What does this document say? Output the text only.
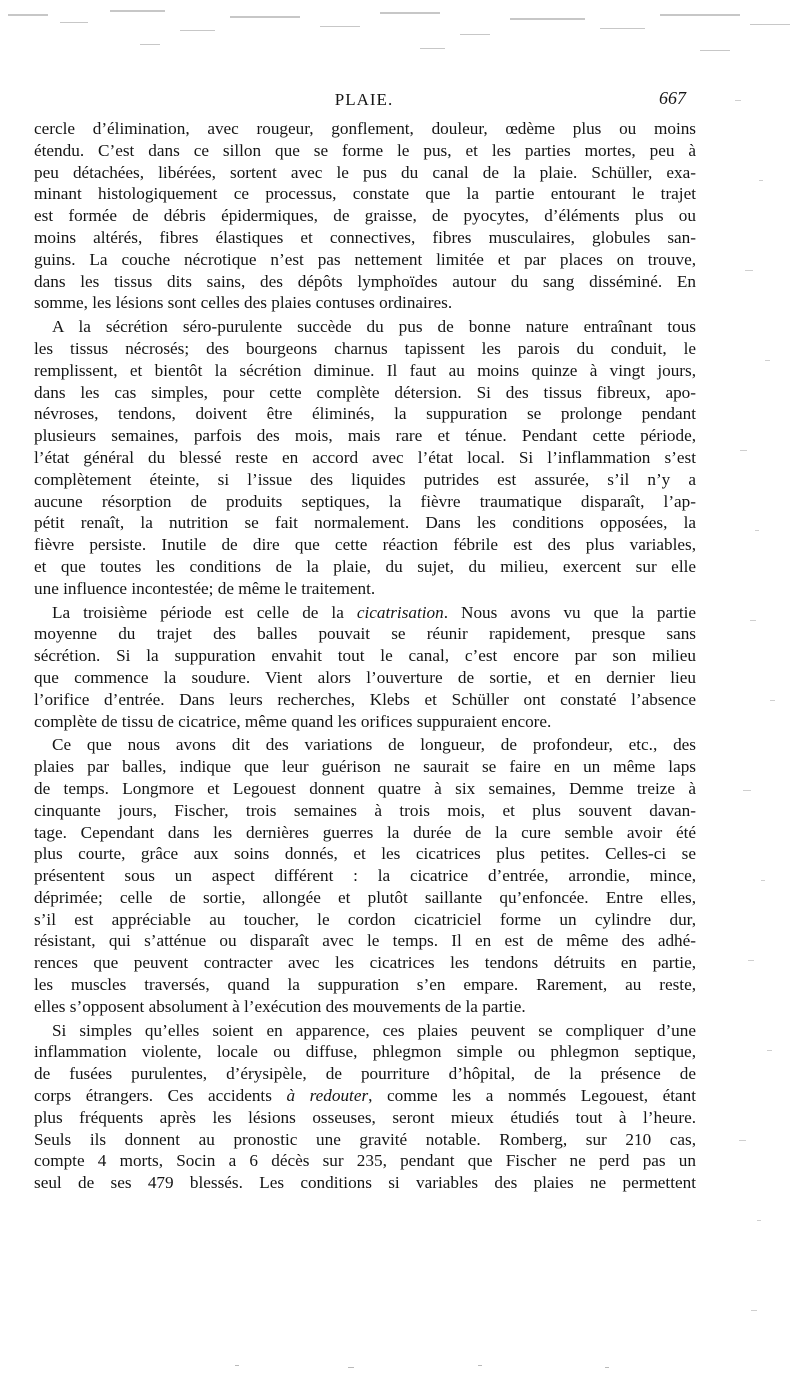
PLAIE.	667
cercle d’élimination, avec rougeur, gonflement, douleur, œdème plus ou moins
étendu. C’est dans ce sillon que se forme le pus, et les parties mortes, peu à
peu détachées, libérées, sortent avec le pus du canal de la plaie. Schüller, exa-
minant histologiquement ce processus, constate que la partie entourant le trajet
est formée de débris épidermiques, de graisse, de pyocytes, d’éléments plus ou
moins altérés, fibres élastiques et connectives, fibres musculaires, globules san-
guins. La couche nécrotique n’est pas nettement limitée et par places on trouve,
dans les tissus dits sains, des dépôts lymphoïdes autour du sang disséminé. En
somme, les lésions sont celles des plaies contuses ordinaires.
A la sécrétion séro-purulente succède du pus de bonne nature entraînant tous
les tissus nécrosés; des bourgeons charnus tapissent les parois du conduit, le
remplissent, et bientôt la sécrétion diminue. Il faut au moins quinze à vingt jours,
dans les cas simples, pour cette complète détersion. Si des tissus fibreux, apo-
névroses, tendons, doivent être éliminés, la suppuration se prolonge pendant
plusieurs semaines, parfois des mois, mais rare et ténue. Pendant cette période,
l’état général du blessé reste en accord avec l’état local. Si l’inflammation s’est
complètement éteinte, si l’issue des liquides putrides est assurée, s’il n’y a
aucune résorption de produits septiques, la fièvre traumatique disparaît, l’ap-
pétit renaît, la nutrition se fait normalement. Dans les conditions opposées, la
fièvre persiste. Inutile de dire que cette réaction fébrile est des plus variables,
et que toutes les conditions de la plaie, du sujet, du milieu, exercent sur elle
une influence incontestée; de même le traitement.
La troisième période est celle de la cicatrisation. Nous avons vu que la partie
moyenne du trajet des balles pouvait se réunir rapidement, presque sans
sécrétion. Si la suppuration envahit tout le canal, c’est encore par son milieu
que commence la soudure. Vient alors l’ouverture de sortie, et en dernier lieu
l’orifice d’entrée. Dans leurs recherches, Klebs et Schüller ont constaté l’absence
complète de tissu de cicatrice, même quand les orifices suppuraient encore.
Ce que nous avons dit des variations de longueur, de profondeur, etc., des
plaies par balles, indique que leur guérison ne saurait se faire en un même laps
de temps. Longmore et Legouest donnent quatre à six semaines, Demme treize à
cinquante jours, Fischer, trois semaines à trois mois, et plus souvent davan-
tage. Cependant dans les dernières guerres la durée de la cure semble avoir été
plus courte, grâce aux soins donnés, et les cicatrices plus petites. Celles-ci se
présentent sous un aspect différent : la cicatrice d’entrée, arrondie, mince,
déprimée; celle de sortie, allongée et plutôt saillante qu’enfoncée. Entre elles,
s’il est appréciable au toucher, le cordon cicatriciel forme un cylindre dur,
résistant, qui s’atténue ou disparaît avec le temps. Il en est de même des adhé-
rences que peuvent contracter avec les cicatrices les tendons détruits en partie,
les muscles traversés, quand la suppuration s’en empare. Rarement, au reste,
elles s’opposent absolument à l’exécution des mouvements de la partie.
Si simples qu’elles soient en apparence, ces plaies peuvent se compliquer d’une
inflammation violente, locale ou diffuse, phlegmon simple ou phlegmon septique,
de fusées purulentes, d’érysipèle, de pourriture d’hôpital, de la présence de
corps étrangers. Ces accidents à redouter, comme les a nommés Legouest, étant
plus fréquents après les lésions osseuses, seront mieux étudiés tout à l’heure.
Seuls ils donnent au pronostic une gravité notable. Romberg, sur 210 cas,
compte 4 morts, Socin a 6 décès sur 235, pendant que Fischer ne perd pas un
seul de ses 479 blessés. Les conditions si variables des plaies ne permettent
